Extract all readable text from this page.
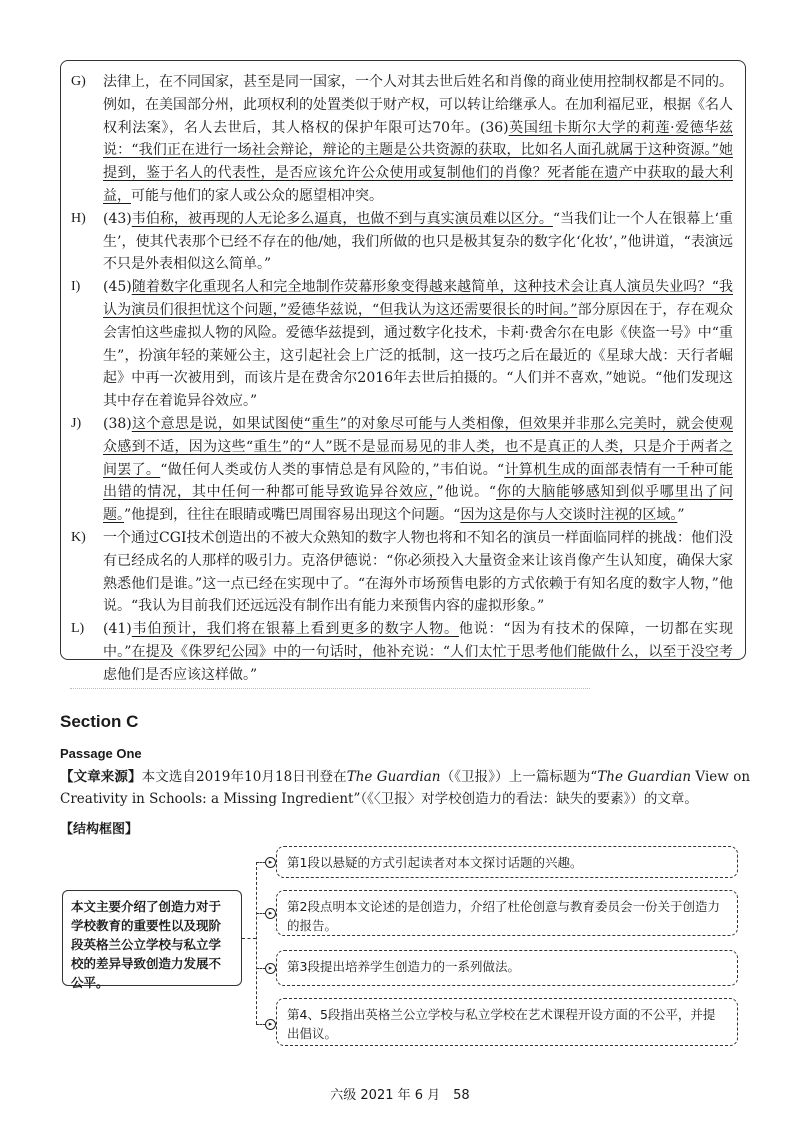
G)	法律上，在不同国家，甚至是同一国家，一个人对其去世后姓名和肖像的商业使用控制权都是不同的。例如，在美国部分州，此项权利的处置类似于财产权，可以转让给继承人。在加利福尼亚，根据《名人权利法案》，名人去世后，其人格权的保护年限可达70年。(36)英国纽卡斯尔大学的莉莲·爱德华兹说：“我们正在进行一场社会辩论，辩论的主题是公共资源的获取，比如名人面孔就属于这种资源。”她提到，鉴于名人的代表性，是否应该允许公众使用或复制他们的肖像？死者能在遗产中获取的最大利益，可能与他们的家人或公众的愿望相冲突。
H)	(43)韦伯称，被再现的人无论多么逼真，也做不到与真实演员难以区分。“当我们让一个人在银幕上‘重生’，使其代表那个已经不存在的他/她，我们所做的也只是极其复杂的数字化‘化妆’，”他讲道，“表演远不只是外表相似这么简单。”
I)	(45)随着数字化重现名人和完全地制作荧幕形象变得越来越简单，这种技术会让真人演员失业吗？“我认为演员们很担忧这个问题，”爱德华兹说，“但我认为这还需要很长的时间。”部分原因在于，存在观众会害怕这些虚拟人物的风险。爱德华兹提到，通过数字化技术，卡莉·费舍尔在电影《侠盗一号》中“重生”，扮演年轻的莱娅公主，这引起社会上广泛的抵制，这一技巧之后在最近的《星球大战：天行者崛起》中再一次被用到，而该片是在费舍尔2016年去世后拍摄的。“人们并不喜欢，”她说。“他们发现这其中存在着诡异谷效应。”
J)	(38)这个意思是说，如果试图使“重生”的对象尽可能与人类相像，但效果并非那么完美时，就会使观众感到不适，因为这些“重生”的“人”既不是显而易见的非人类，也不是真正的人类，只是介于两者之间罢了。“做任何人类或仿人类的事情总是有风险的，”韦伯说。“计算机生成的面部表情有一千种可能出错的情况，其中任何一种都可能导致诡异谷效应，”他说。“你的大脑能够感知到似乎哪里出了问题。”他提到，往往在眼睛或嘴巴周围容易出现这个问题。“因为这是你与人交谈时注视的区域。”
K)	一个通过CGI技术创造出的不被大众熟知的数字人物也将和不知名的演员一样面临同样的挑战：他们没有已经成名的人那样的吸引力。克洛伊德说：“你必须投入大量资金来让该肖像产生认知度，确保大家熟悉他们是谁。”这一点已经在实现中了。“在海外市场预售电影的方式依赖于有知名度的数字人物，”他说。“我认为目前我们还远远没有制作出有能力来预售内容的虚拟形象。”
L)	(41)韦伯预计，我们将在银幕上看到更多的数字人物。他说：“因为有技术的保障，一切都在实现中。”在提及《侏罗纪公园》中的一句话时，他补充说：“人们太忙于思考他们能做什么，以至于没空考虑他们是否应该这样做。”
Section C
Passage One
【文章来源】本文选自2019年10月18日刊登在The Guardian（《卫报》）上一篇标题为“The Guardian View on Creativity in Schools: a Missing Ingredient”（《〈卫报〉对学校创造力的看法：缺失的要素》）的文章。
【结构框图】
本文主要介绍了创造力对于学校教育的重要性以及现阶段英格兰公立学校与私立学校的差异导致创造力发展不公平。
▸
▸
▸
▸
第1段以悬疑的方式引起读者对本文探讨话题的兴趣。
第2段点明本文论述的是创造力，介绍了杜伦创意与教育委员会一份关于创造力的报告。
第3段提出培养学生创造力的一系列做法。
第4、5段指出英格兰公立学校与私立学校在艺术课程开设方面的不公平，并提出倡议。
六级 2021 年 6 月　58
